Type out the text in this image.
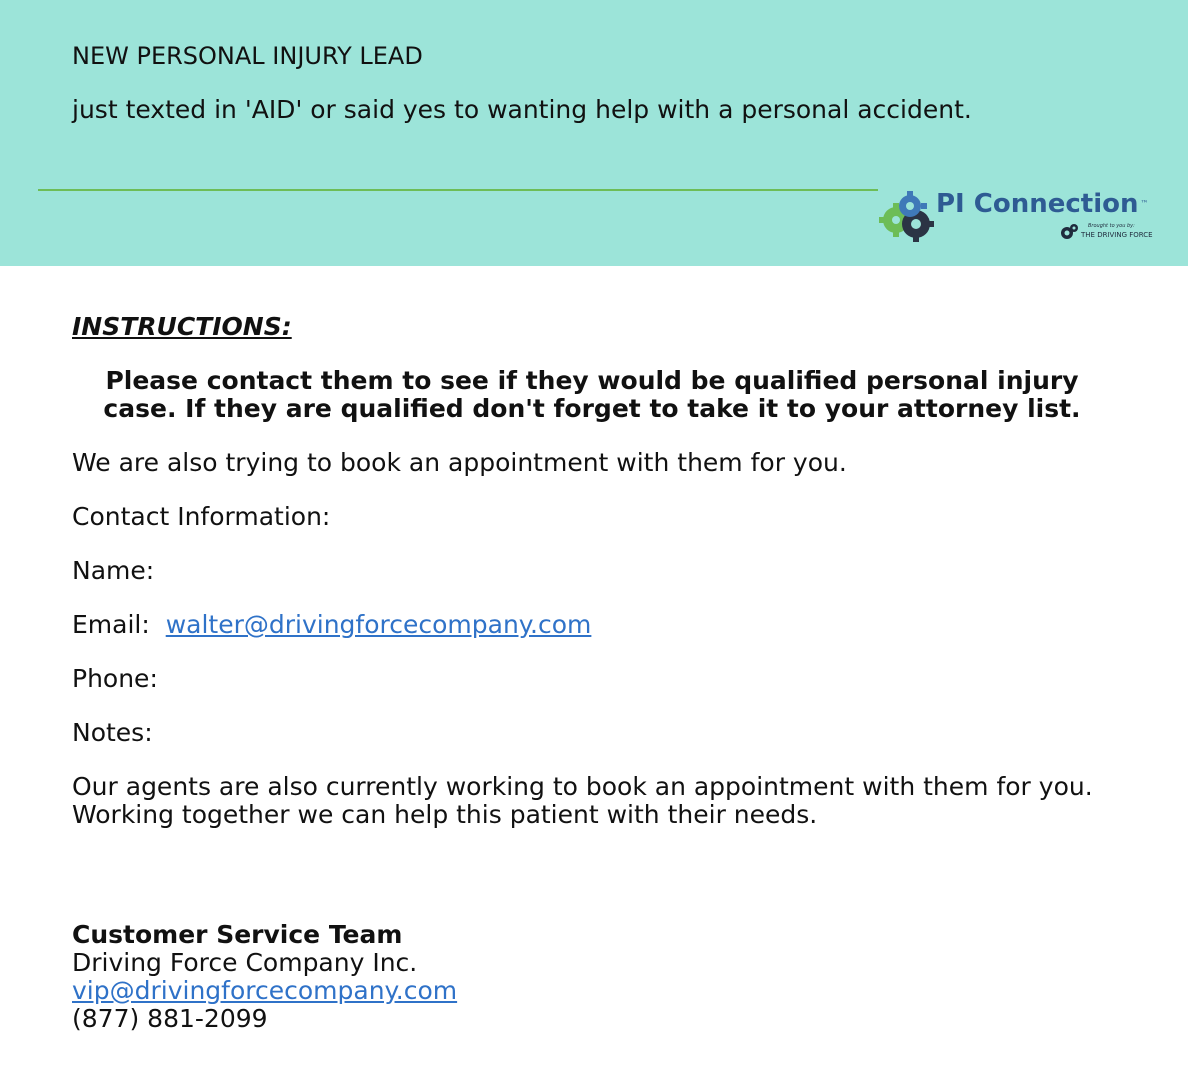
NEW PERSONAL INJURY LEAD
just texted in 'AID' or said yes to wanting help with a personal accident.
PI Connection ™
Brought to you by:
THE DRIVING FORCE
INSTRUCTIONS:
Please contact them to see if they would be qualified personal injury case. If they are qualified don't forget to take it to your attorney list.
We are also trying to book an appointment with them for you.
Contact Information:
Name:
Email: walter@drivingforcecompany.com
Phone:
Notes:
Our agents are also currently working to book an appointment with them for you.
Working together we can help this patient with their needs.
Customer Service Team
Driving Force Company Inc.
vip@drivingforcecompany.com
(877) 881-2099
